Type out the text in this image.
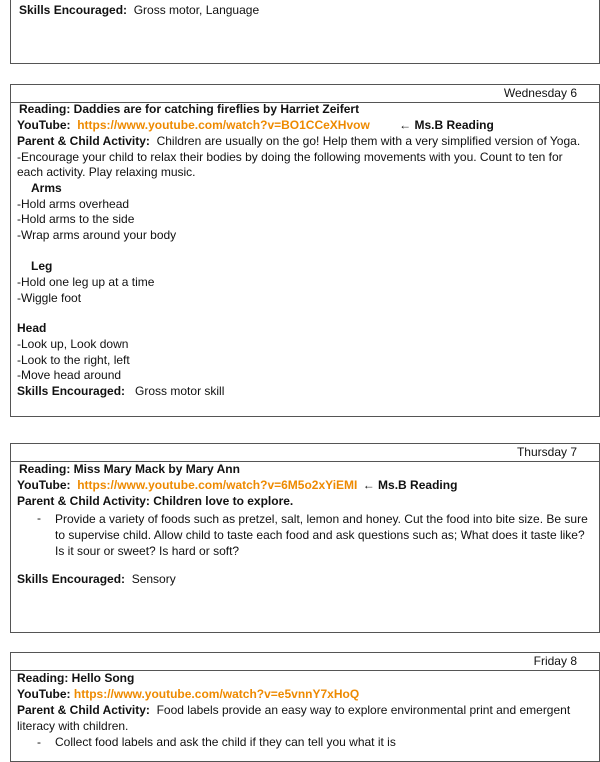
Skills Encouraged: Gross motor, Language
Wednesday 6
Reading: Daddies are for catching fireflies by Harriet Zeifert
YouTube: https://www.youtube.com/watch?v=BO1CCeXHvow ← Ms.B Reading
Parent & Child Activity: Children are usually on the go! Help them with a very simplified version of Yoga.
-Encourage your child to relax their bodies by doing the following movements with you. Count to ten for
each activity. Play relaxing music.
Arms
-Hold arms overhead
-Hold arms to the side
-Wrap arms around your body
Leg
-Hold one leg up at a time
-Wiggle foot
Head
-Look up, Look down
-Look to the right, left
-Move head around
Skills Encouraged: Gross motor skill
Thursday 7
Reading: Miss Mary Mack by Mary Ann
YouTube: https://www.youtube.com/watch?v=6M5o2xYiEMI ← Ms.B Reading
Parent & Child Activity: Children love to explore.
- Provide a variety of foods such as pretzel, salt, lemon and honey. Cut the food into bite size. Be sure to supervise child. Allow child to taste each food and ask questions such as; What does it taste like? Is it sour or sweet? Is hard or soft?
Skills Encouraged: Sensory
Friday 8
Reading: Hello Song
YouTube: https://www.youtube.com/watch?v=e5vnnY7xHoQ
Parent & Child Activity: Food labels provide an easy way to explore environmental print and emergent
literacy with children.
- Collect food labels and ask the child if they can tell you what it is
